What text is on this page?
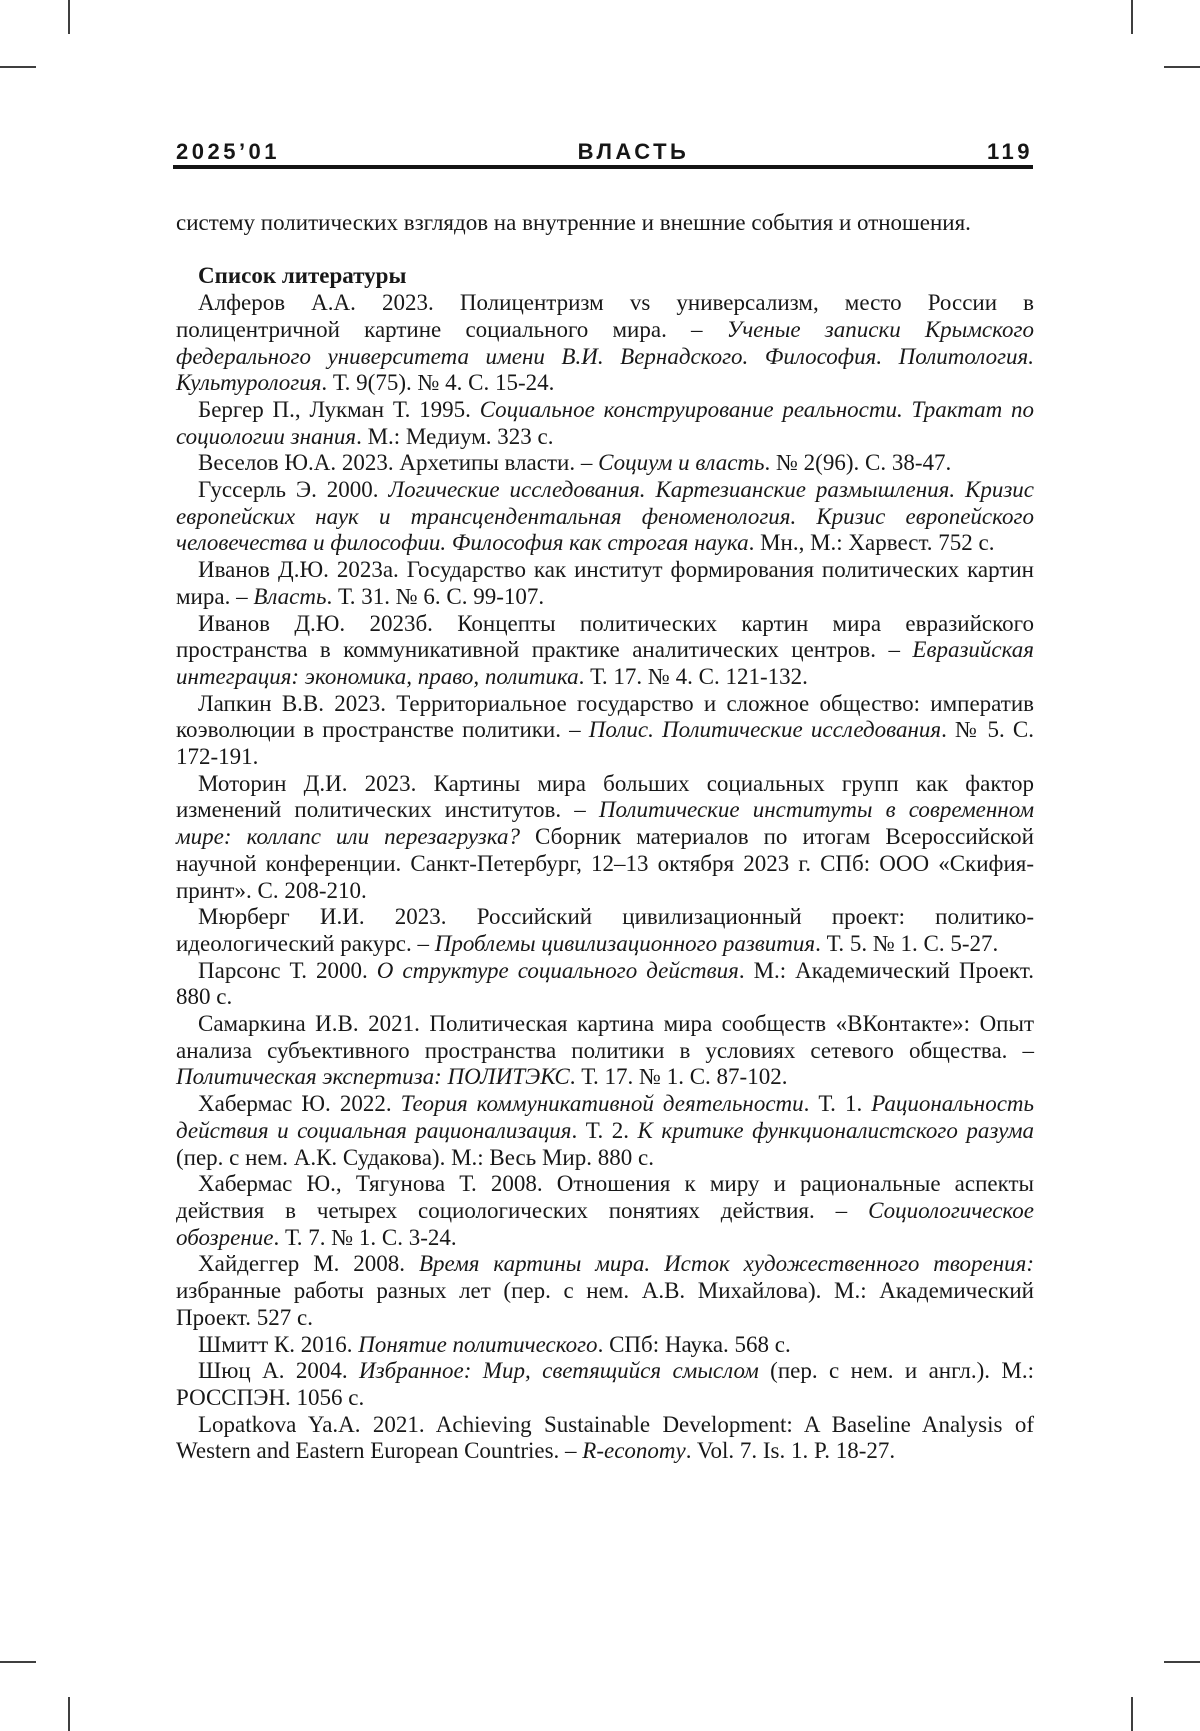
2025’01	ВЛАСТЬ	119

систему политических взглядов на внутренние и внешние события и отношения.

Список литературы

Алферов А.А. 2023. Полицентризм vs универсализм, место России в полицентричной картине социального мира. – Ученые записки Крымского федерального университета имени В.И. Вернадского. Философия. Политология. Культурология. Т. 9(75). № 4. С. 15-24.

Бергер П., Лукман Т. 1995. Социальное конструирование реальности. Трактат по социологии знания. М.: Медиум. 323 с.

Веселов Ю.А. 2023. Архетипы власти. – Социум и власть. № 2(96). С. 38-47.

Гуссерль Э. 2000. Логические исследования. Картезианские размышления. Кризис европейских наук и трансцендентальная феноменология. Кризис европейского человечества и философии. Философия как строгая наука. Мн., М.: Харвест. 752 с.

Иванов Д.Ю. 2023а. Государство как институт формирования политических картин мира. – Власть. Т. 31. № 6. С. 99-107.

Иванов Д.Ю. 2023б. Концепты политических картин мира евразийского пространства в коммуникативной практике аналитических центров. – Евразийская интеграция: экономика, право, политика. Т. 17. № 4. С. 121-132.

Лапкин В.В. 2023. Территориальное государство и сложное общество: императив коэволюции в пространстве политики. – Полис. Политические исследования. № 5. С. 172-191.

Моторин Д.И. 2023. Картины мира больших социальных групп как фактор изменений политических институтов. – Политические институты в современном мире: коллапс или перезагрузка? Сборник материалов по итогам Всероссийской научной конференции. Санкт-Петербург, 12–13 октября 2023 г. СПб: ООО «Скифия-принт». С. 208-210.

Мюрберг И.И. 2023. Российский цивилизационный проект: политико-идеологический ракурс. – Проблемы цивилизационного развития. Т. 5. № 1. С. 5-27.

Парсонс Т. 2000. О структуре социального действия. М.: Академический Проект. 880 с.

Самаркина И.В. 2021. Политическая картина мира сообществ «ВКонтакте»: Опыт анализа субъективного пространства политики в условиях сетевого общества. – Политическая экспертиза: ПОЛИТЭКС. Т. 17. № 1. С. 87-102.

Хабермас Ю. 2022. Теория коммуникативной деятельности. Т. 1. Рациональность действия и социальная рационализация. Т. 2. К критике функционалистского разума (пер. с нем. А.К. Судакова). М.: Весь Мир. 880 с.

Хабермас Ю., Тягунова Т. 2008. Отношения к миру и рациональные аспекты действия в четырех социологических понятиях действия. – Социологическое обозрение. Т. 7. № 1. С. 3-24.

Хайдеггер М. 2008. Время картины мира. Исток художественного творения: избранные работы разных лет (пер. с нем. А.В. Михайлова). М.: Академический Проект. 527 с.

Шмитт К. 2016. Понятие политического. СПб: Наука. 568 с.

Шюц А. 2004. Избранное: Мир, светящийся смыслом (пер. с нем. и англ.). М.: РОССПЭН. 1056 с.

Lopatkova Ya.A. 2021. Achieving Sustainable Development: A Baseline Analysis of Western and Eastern European Countries. – R-economy. Vol. 7. Is. 1. P. 18-27.
